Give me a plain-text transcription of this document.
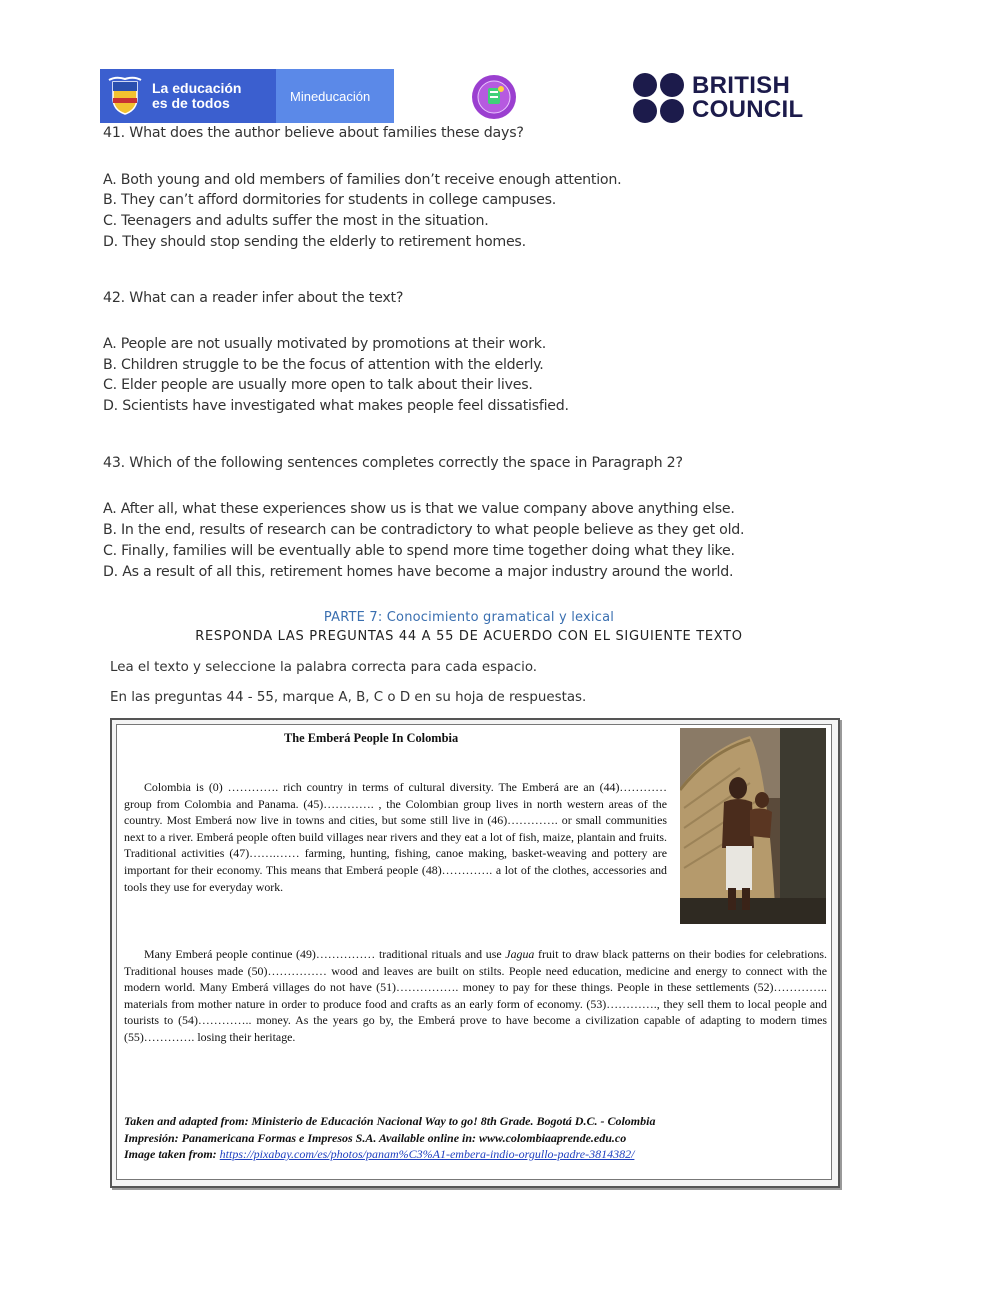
La educación
es de todos	Mineducación	BRITISH
COUNCIL
41. What does the author believe about families these days?
A. Both young and old members of families don’t receive enough attention.
B. They can’t afford dormitories for students in college campuses.
C. Teenagers and adults suffer the most in the situation.
D. They should stop sending the elderly to retirement homes.
42. What can a reader infer about the text?
A. People are not usually motivated by promotions at their work.
B. Children struggle to be the focus of attention with the elderly.
C. Elder people are usually more open to talk about their lives.
D. Scientists have investigated what makes people feel dissatisfied.
43. Which of the following sentences completes correctly the space in Paragraph 2?
A. After all, what these experiences show us is that we value company above anything else.
B. In the end, results of research can be contradictory to what people believe as they get old.
C. Finally, families will be eventually able to spend more time together doing what they like.
D. As a result of all this, retirement homes have become a major industry around the world.
PARTE 7: Conocimiento gramatical y lexical
RESPONDA LAS PREGUNTAS 44 A 55 DE ACUERDO CON EL SIGUIENTE TEXTO
Lea el texto y seleccione la palabra correcta para cada espacio.
En las preguntas 44 - 55, marque A, B, C o D en su hoja de respuestas.
The Emberá People In Colombia
Colombia is (0) …………. rich country in terms of cultural diversity. The Emberá are an (44)………… group from Colombia and Panama. (45)…………. , the Colombian group lives in north western areas of the country. Most Emberá now live in towns and cities, but some still live in (46)…………. or small communities next to a river. Emberá people often build villages near rivers and they eat a lot of fish, maize, plantain and fruits. Traditional activities (47)…….…… farming, hunting, fishing, canoe making, basket-weaving and pottery are important for their economy. This means that Emberá people (48)…………. a lot of the clothes, accessories and tools they use for everyday work.
Many Emberá people continue (49)…………… traditional rituals and use Jagua fruit to draw black patterns on their bodies for celebrations. Traditional houses made (50)…………… wood and leaves are built on stilts. People need education, medicine and energy to connect with the modern world. Many Emberá villages do not have (51)……………. money to pay for these things. People in these settlements (52)………….. materials from mother nature in order to produce food and crafts as an early form of economy. (53)…………., they sell them to local people and tourists to (54)………….. money. As the years go by, the Emberá prove to have become a civilization capable of adapting to modern times (55)…………. losing their heritage.
Taken and adapted from: Ministerio de Educación Nacional Way to go! 8th Grade. Bogotá D.C. - Colombia
Impresión: Panamericana Formas e Impresos S.A. Available online in: www.colombiaaprende.edu.co
Image taken from: https://pixabay.com/es/photos/panam%C3%A1-embera-indio-orgullo-padre-3814382/
